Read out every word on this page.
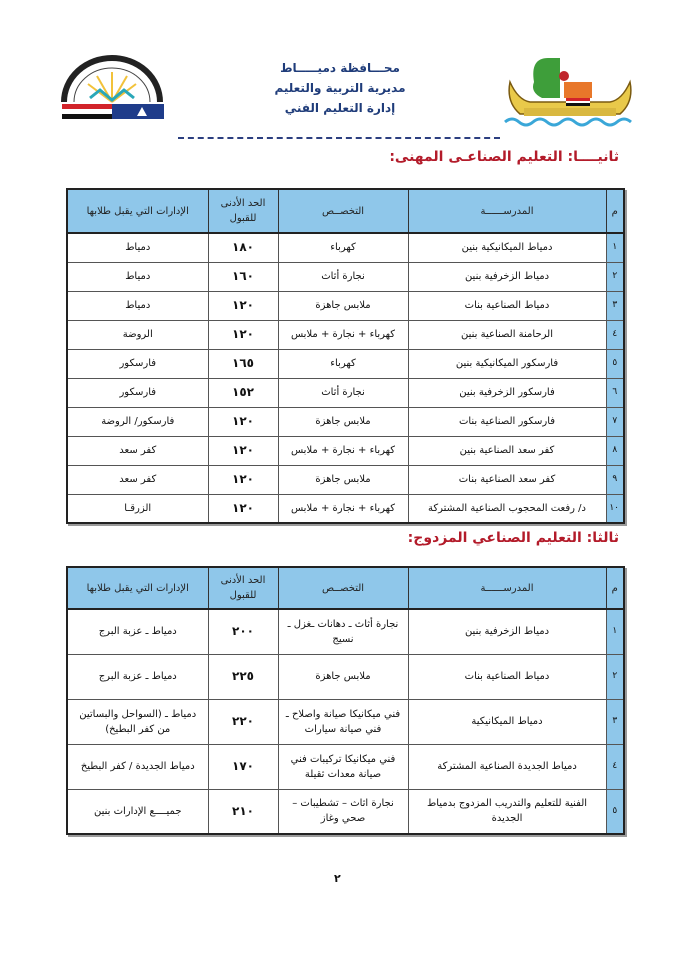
محـــافظة دميـــــاط
مديرية التربية والتعليم
إدارة التعليم الفني
ثانيــــا: التعليم الصناعـى المهنى:
م	المدرســــــة	التخصــص	الحد الأدنى للقبول	الإدارات التي يقبل طلابها
١	دمياط الميكانيكية بنين	كهرباء	١٨٠	دمياط
٢	دمياط الزخرفية بنين	نجارة أثاث	١٦٠	دمياط
٣	دمياط الصناعية بنات	ملابس جاهزة	١٢٠	دمياط
٤	الرحامنة الصناعية بنين	كهرباء + نجارة + ملابس	١٢٠	الروضة
٥	فارسكور الميكانيكية بنين	كهرباء	١٦٥	فارسكور
٦	فارسكور الزخرفية بنين	نجارة أثاث	١٥٢	فارسكور
٧	فارسكور الصناعية بنات	ملابس جاهزة	١٢٠	فارسكور/ الروضة
٨	كفر سعد الصناعية بنين	كهرباء + نجارة + ملابس	١٢٠	كفر سعد
٩	كفر سعد الصناعية بنات	ملابس جاهزة	١٢٠	كفر سعد
١٠	د/ رفعت المحجوب الصناعية المشتركة	كهرباء + نجارة + ملابس	١٢٠	الزرقـا
ثالثا: التعليم الصناعي المزدوج:
م	المدرســــــة	التخصــص	الحد الأدنى للقبول	الإدارات التي يقبل طلابها
١	دمياط الزخرفية بنين	نجارة أثاث ـ دهانات ـغزل ـ نسيج	٢٠٠	دمياط ـ عزبة البرج
٢	دمياط الصناعية بنات	ملابس جاهزة	٢٢٥	دمياط ـ عزبة البرج
٣	دمياط الميكانيكية	فني ميكانيكا صيانة واصلاح ـ فني صيانة سيارات	٢٢٠	دمياط ـ (السواحل والبساتين من كفر البطيخ)
٤	دمياط الجديدة الصناعية المشتركة	فني ميكانيكا تركيبات فني صيانة معدات ثقيلة	١٧٠	دمياط الجديدة / كفر البطيخ
٥	الفنية للتعليم والتدريب المزدوج بدمياط الجديدة	نجارة اثاث – تشطيبات – صحي وغاز	٢١٠	جميــــع الإدارات بنين
٢
